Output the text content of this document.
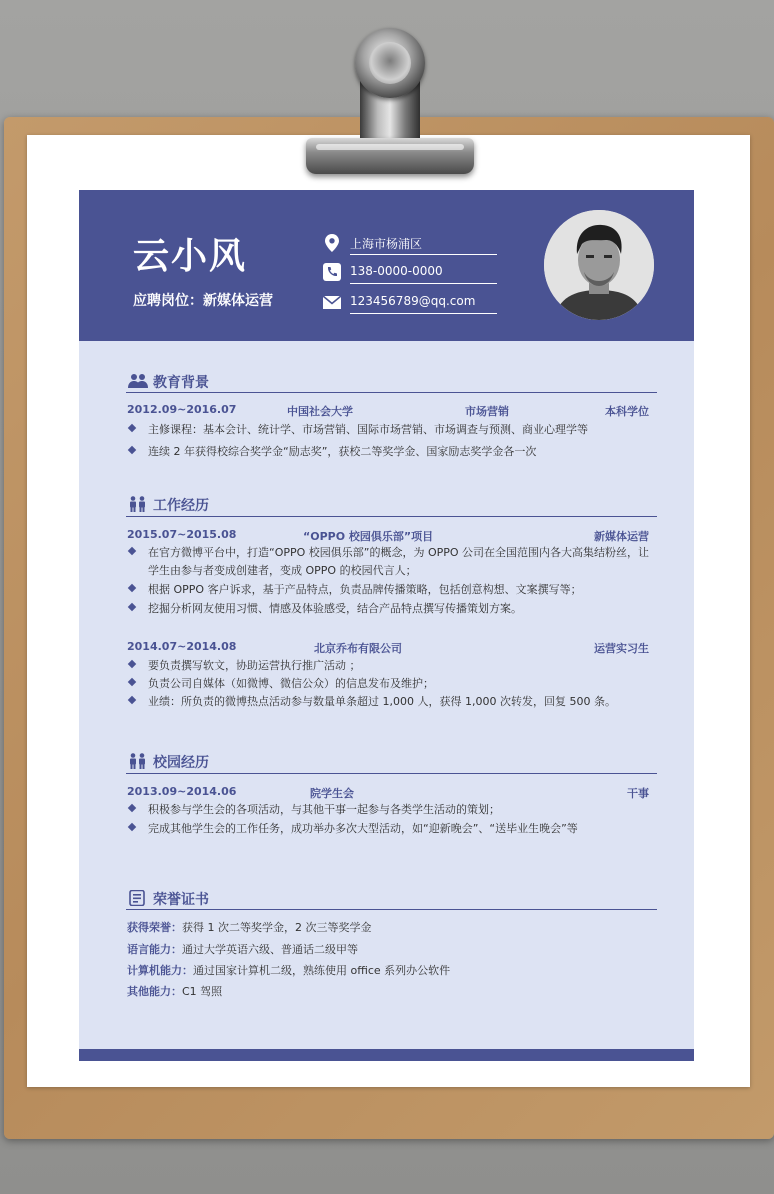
云小风
应聘岗位：新媒体运营
上海市杨浦区
138-0000-0000
123456789@qq.com
教育背景
2012.09~2016.07	中国社会大学	市场营销	本科学位
主修课程：基本会计、统计学、市场营销、国际市场营销、市场调查与预测、商业心理学等
连续 2 年获得校综合奖学金“励志奖”，获校二等奖学金、国家励志奖学金各一次
工作经历
2015.07~2015.08	“OPPO 校园俱乐部”项目	新媒体运营
在官方微博平台中，打造“OPPO 校园俱乐部”的概念，为 OPPO 公司在全国范围内各大高集结粉丝，让学生由参与者变成创建者，变成 OPPO 的校园代言人；
根据 OPPO 客户诉求，基于产品特点，负责品牌传播策略，包括创意构想、文案撰写等；
挖掘分析网友使用习惯、情感及体验感受，结合产品特点撰写传播策划方案。
2014.07~2014.08	北京乔布有限公司	运营实习生
要负责撰写软文，协助运营执行推广活动 ；
负责公司自媒体（如微博、微信公众）的信息发布及维护；
业绩：所负责的微博热点活动参与数量单条超过 1,000 人，获得 1,000 次转发，回复 500 条。
校园经历
2013.09~2014.06	院学生会	干事
积极参与学生会的各项活动，与其他干事一起参与各类学生活动的策划；
完成其他学生会的工作任务，成功举办多次大型活动，如“迎新晚会”、“送毕业生晚会”等
荣誉证书
获得荣誉：获得 1 次二等奖学金，2 次三等奖学金
语言能力：通过大学英语六级、普通话二级甲等
计算机能力：通过国家计算机二级，熟练使用 office 系列办公软件
其他能力：C1 驾照
